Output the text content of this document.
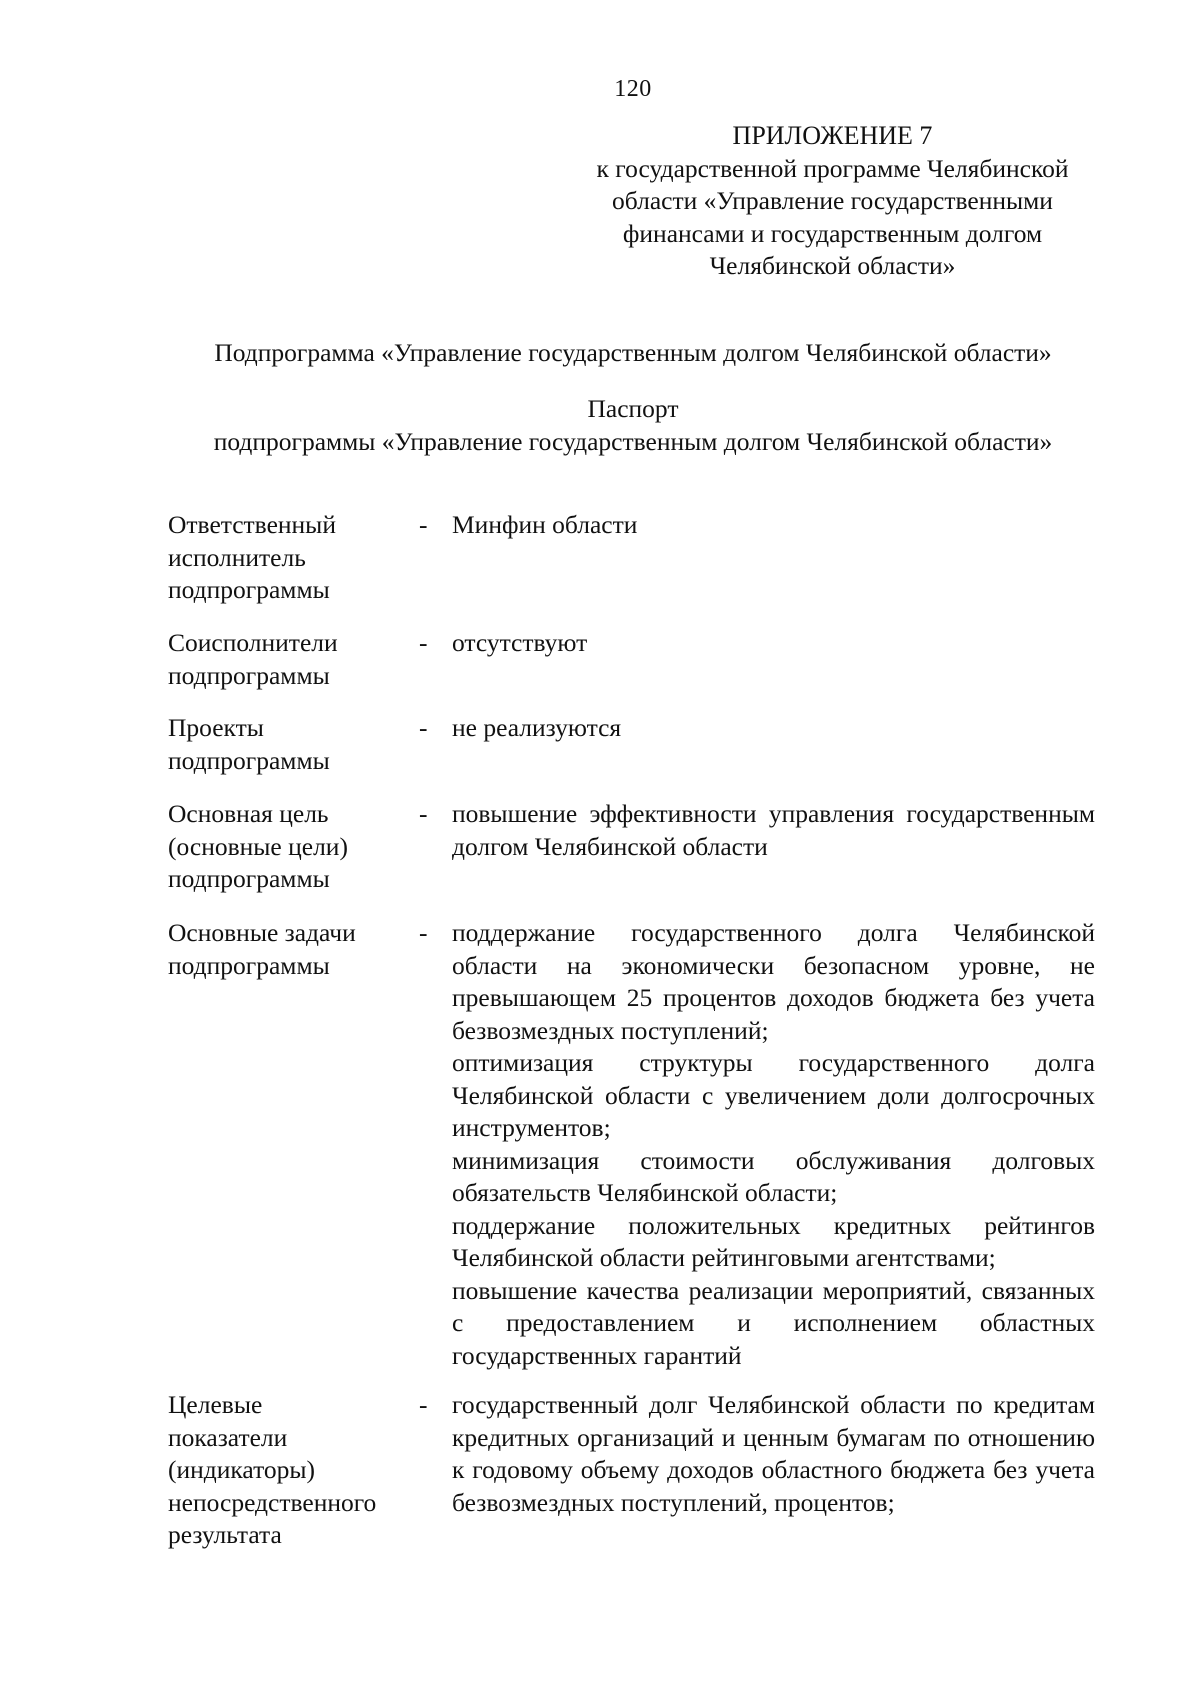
120
ПРИЛОЖЕНИЕ 7
к государственной программе Челябинской
области «Управление государственными
финансами и государственным долгом
Челябинской области»
Подпрограмма «Управление государственным долгом Челябинской области»
Паспорт
подпрограммы «Управление государственным долгом Челябинской области»
Ответственный
исполнитель
подпрограммы
- Минфин области

Соисполнители
подпрограммы
- отсутствуют

Проекты
подпрограммы
- не реализуются

Основная цель
(основные цели)
подпрограммы
- повышение эффективности управления государственным долгом Челябинской области

Основные задачи
подпрограммы
- поддержание государственного долга Челябинской области на экономически безопасном уровне, не превышающем 25 процентов доходов бюджета без учета безвозмездных поступлений;

оптимизация структуры государственного долга Челябинской области с увеличением доли долгосрочных инструментов;

минимизация стоимости обслуживания долговых обязательств Челябинской области;

поддержание положительных кредитных рейтингов Челябинской области рейтинговыми агентствами;

повышение качества реализации мероприятий, связанных с предоставлением и исполнением областных государственных гарантий

Целевые
показатели
(индикаторы)
непосредственного
результата
- государственный долг Челябинской области по кредитам кредитных организаций и ценным бумагам по отношению к годовому объему доходов областного бюджета без учета безвозмездных поступлений, процентов;
